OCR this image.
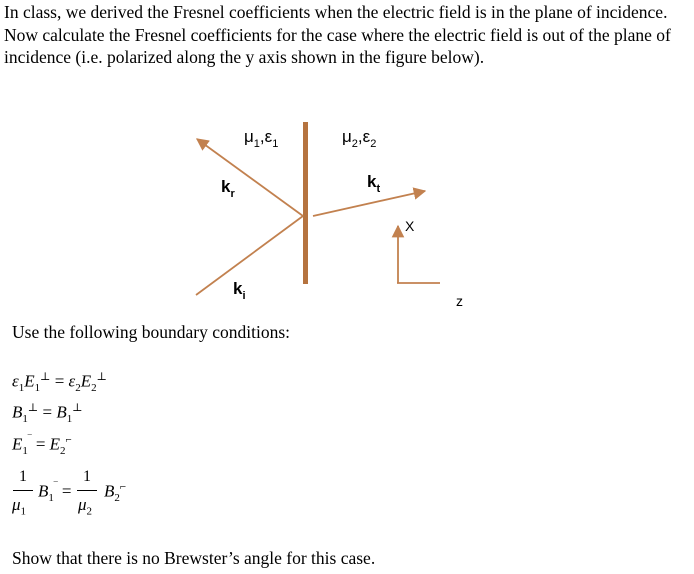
In class, we derived the Fresnel coefficients when the electric field is in the plane of incidence. Now calculate the Fresnel coefficients for the case where the electric field is out of the plane of incidence (i.e. polarized along the y axis shown in the figure below).
$\mu_1,\varepsilon_1$	$\mu_2,\varepsilon_2$
$k_r$
$k_t$
$k_i$
X
z
Use the following boundary conditions:
$\varepsilon_1E_1^\perp = \varepsilon_2E_2^\perp$
$B_1^\perp = B_1^\perp$
$E_1^‾ = E_2^⌐$
1
$\mu_1$
$B_1^‾$ =
1
$\mu_2$
$B_2^⌐$
Show that there is no Brewster’s angle for this case.
